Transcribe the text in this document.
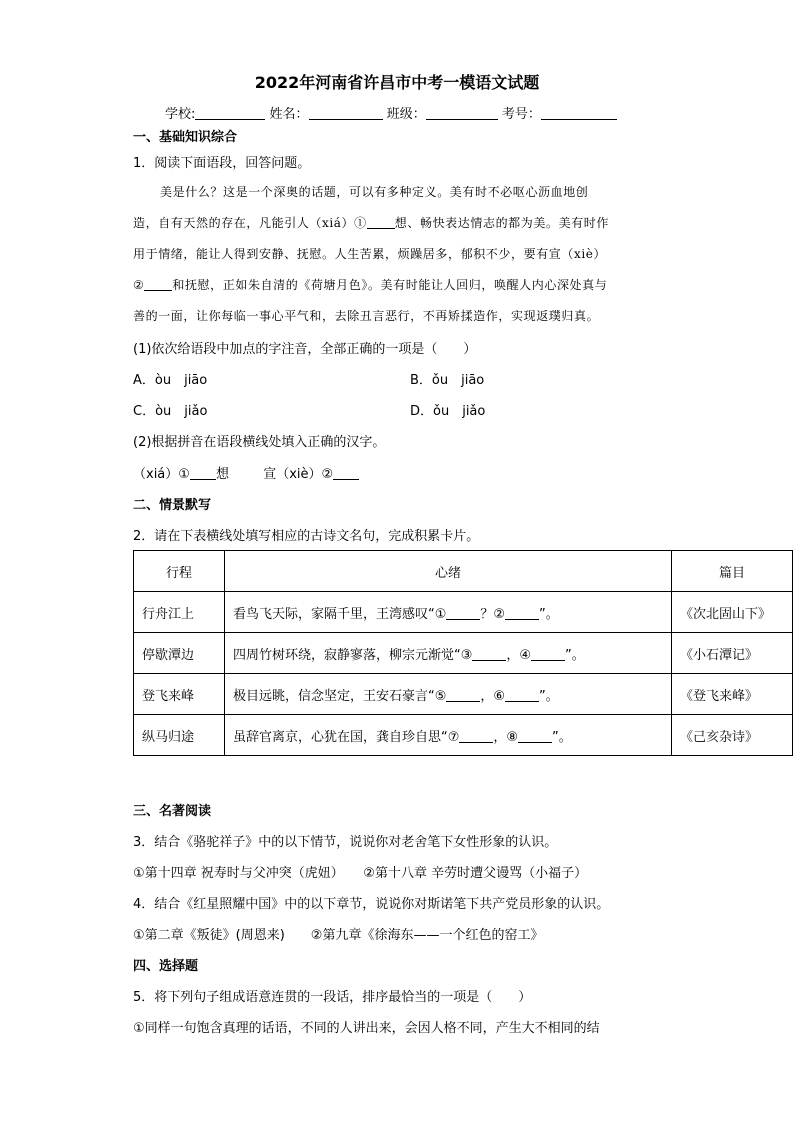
2022年河南省许昌市中考一模语文试题
学校:	姓名：	班级：	考号：
一、基础知识综合
1．阅读下面语段，回答问题。
美是什么？这是一个深奥的话题，可以有多种定义。美有时不必呕心沥血地创
造，自有天然的存在，凡能引人（xiá）① 想、畅快表达情志的都为美。美有时作
用于情绪，能让人得到安静、抚慰。人生苦累，烦躁居多，郁积不少，要有宣（xiè）
② 和抚慰，正如朱自清的《荷塘月色》。美有时能让人回归，唤醒人内心深处真与
善的一面，让你每临一事心平气和，去除丑言恶行，不再矫揉造作，实现返璞归真。
(1)依次给语段中加点的字注音，全部正确的一项是（　　）
A．òu　jiāo	B．ǒu　jiāo
C．òu　jiǎo	D．ǒu　jiǎo
(2)根据拼音在语段横线处填入正确的汉字。
（xiá）① 想	宣（xiè）②
二、情景默写
2．请在下表横线处填写相应的古诗文名句，完成积累卡片。
行程	心绪	篇目
行舟江上	看鸟飞天际，家隔千里，王湾感叹“① ？② ”。	《次北固山下》
停歇潭边	四周竹树环绕，寂静寥落，柳宗元渐觉“③ ，④ ”。	《小石潭记》
登飞来峰	极目远眺，信念坚定，王安石豪言“⑤ ，⑥ ”。	《登飞来峰》
纵马归途	虽辞官离京，心犹在国，龚自珍自思“⑦ ，⑧ ”。	《己亥杂诗》
三、名著阅读
3．结合《骆驼祥子》中的以下情节，说说你对老舍笔下女性形象的认识。
①第十四章 祝寿时与父冲突（虎妞）　　②第十八章 辛劳时遭父谩骂（小福子）
4．结合《红星照耀中国》中的以下章节，说说你对斯诺笔下共产党员形象的认识。
①第二章《叛徒》(周恩来)　　②第九章《徐海东——一个红色的窑工》
四、选择题
5．将下列句子组成语意连贯的一段话，排序最恰当的一项是（　　）
①同样一句饱含真理的话语，不同的人讲出来，会因人格不同，产生大不相同的结
